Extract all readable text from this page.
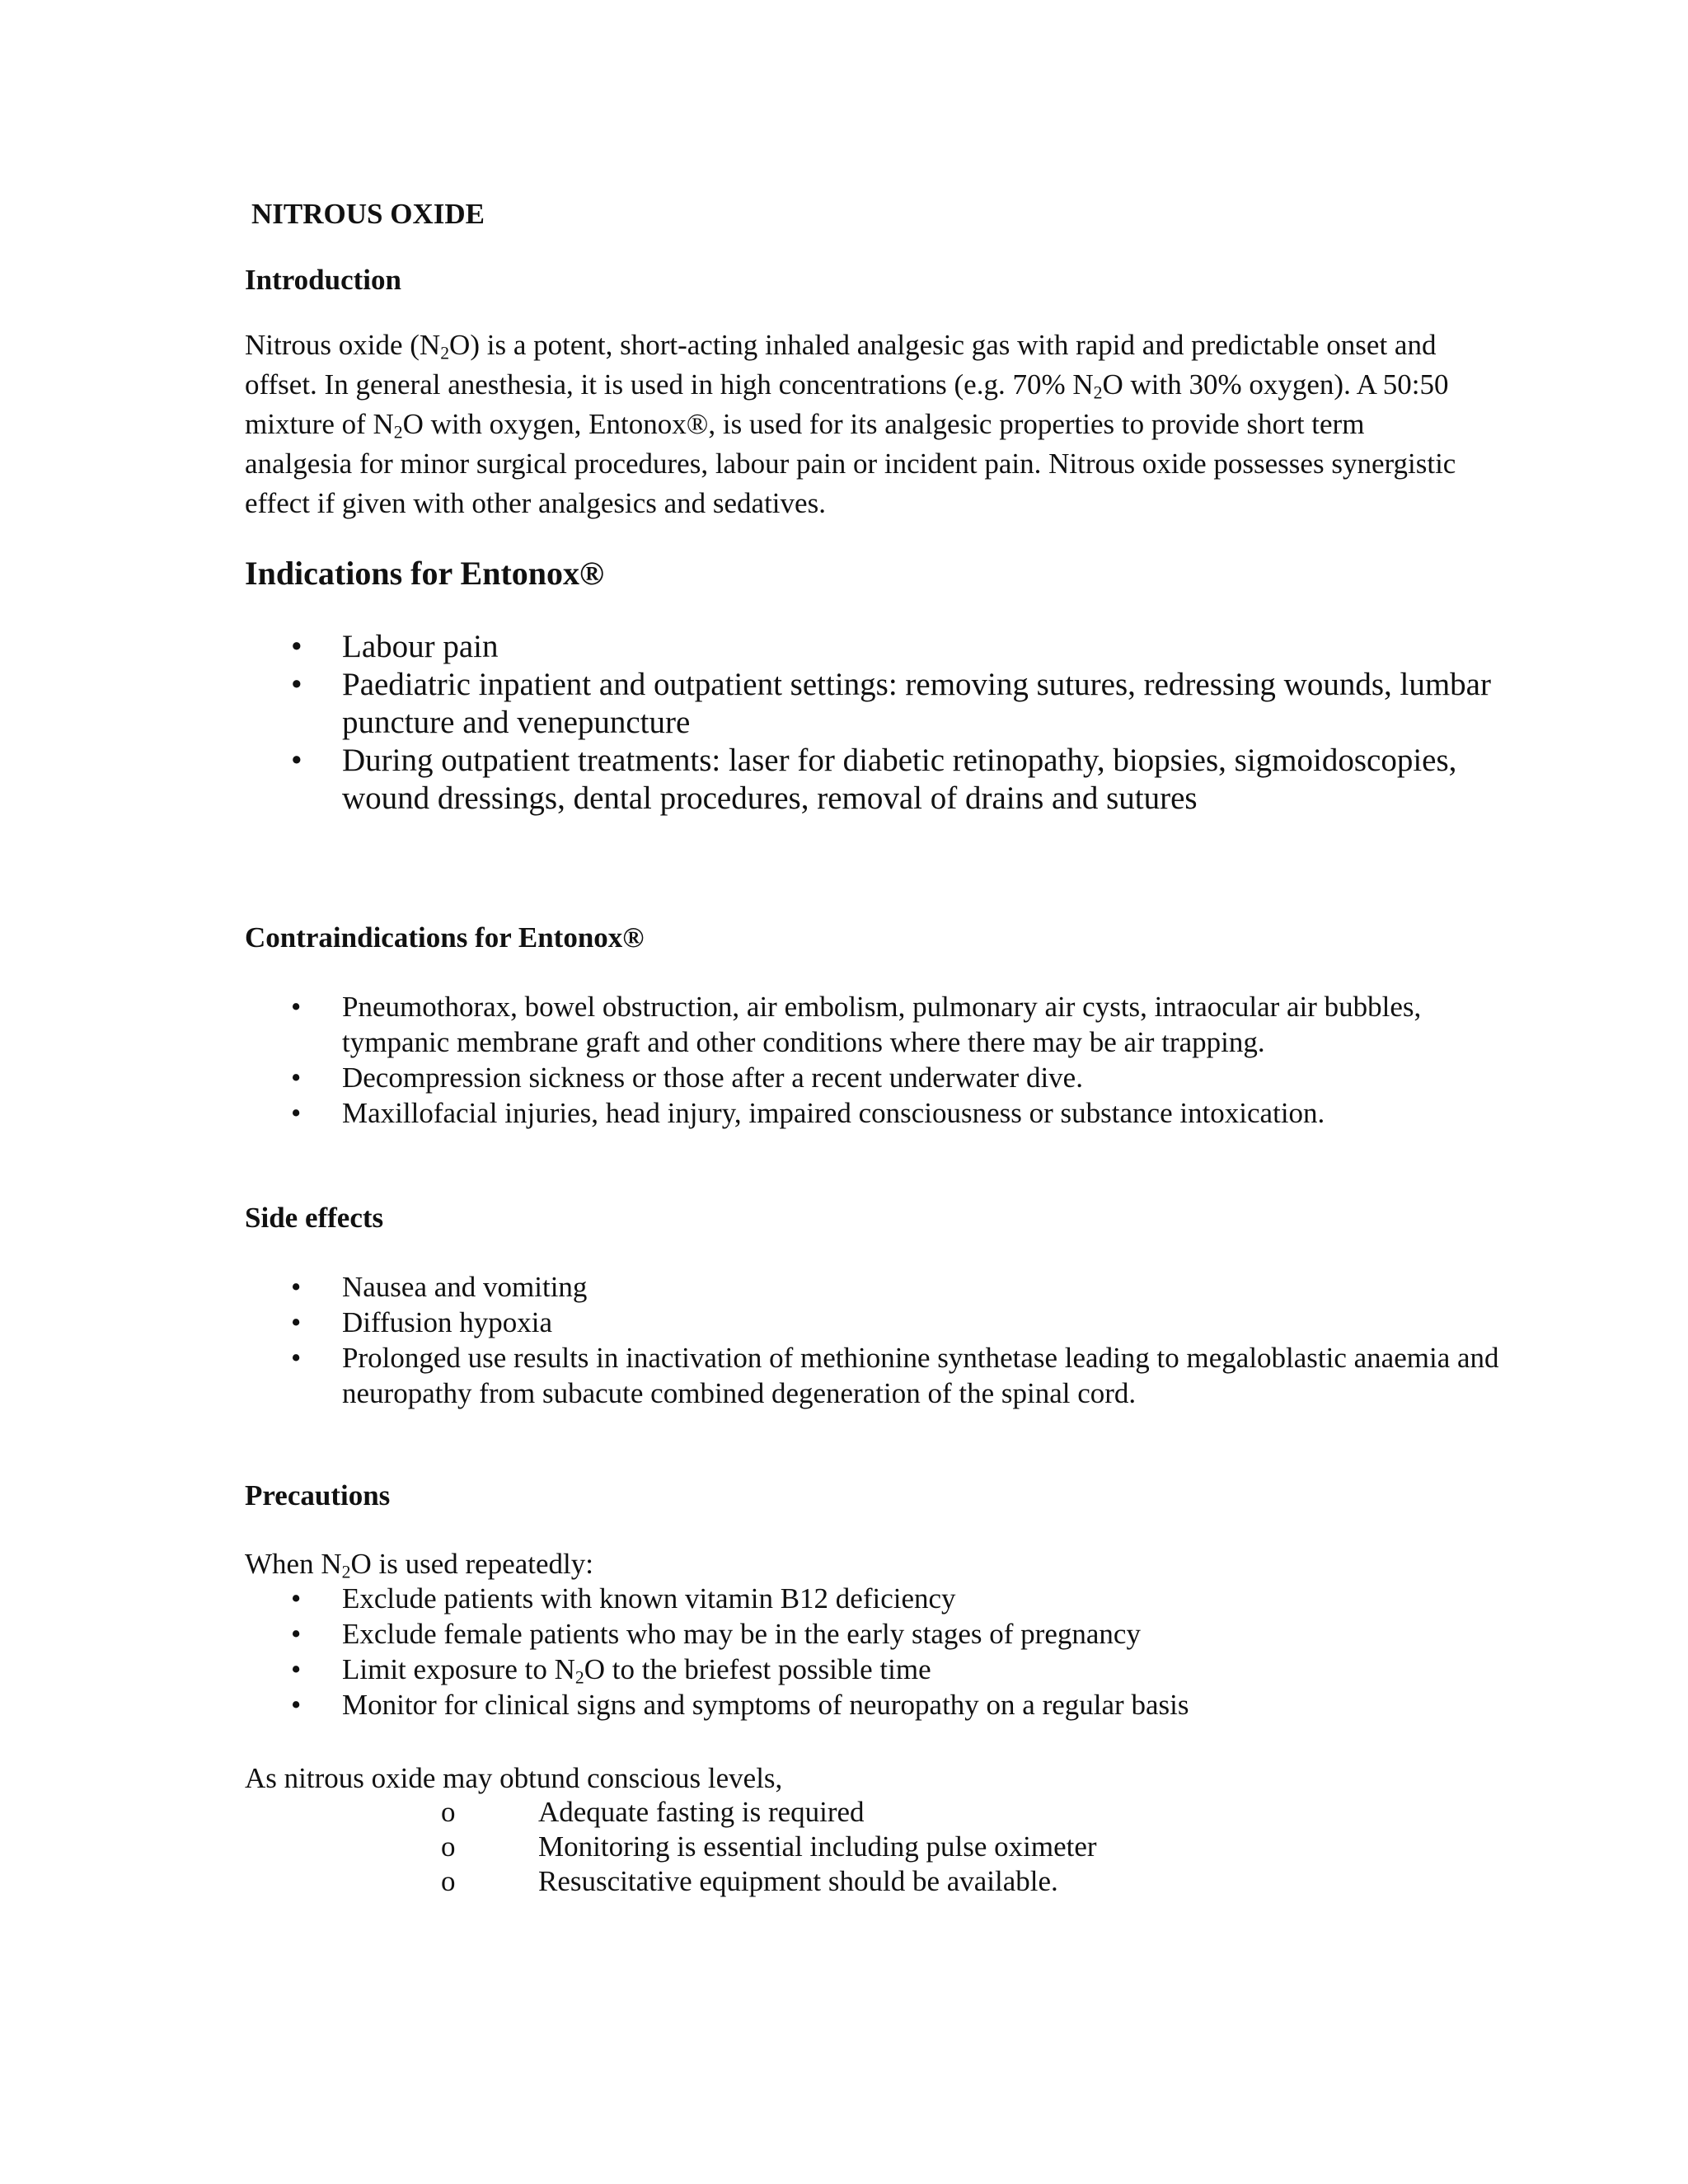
NITROUS OXIDE
Introduction

Nitrous oxide $(N_2O)$ is a potent, short-acting inhaled analgesic gas with rapid and predictable onset and offset. In general anesthesia, it is used in high concentrations (e.g. 70% $N_2O$ with 30% oxygen). A 50:50 mixture of $N_2O$ with oxygen, Entonox®, is used for its analgesic properties to provide short term analgesia for minor surgical procedures, labour pain or incident pain. Nitrous oxide possesses synergistic effect if given with other analgesics and sedatives.

Indications for Entonox®
• Labour pain
• Paediatric inpatient and outpatient settings: removing sutures, redressing wounds, lumbar puncture and venepuncture
• During outpatient treatments: laser for diabetic retinopathy, biopsies, sigmoidoscopies, wound dressings, dental procedures, removal of drains and sutures
Contraindications for Entonox®
• Pneumothorax, bowel obstruction, air embolism, pulmonary air cysts, intraocular air bubbles, tympanic membrane graft and other conditions where there may be air trapping.
• Decompression sickness or those after a recent underwater dive.
• Maxillofacial injuries, head injury, impaired consciousness or substance intoxication.
Side effects
• Nausea and vomiting
• Diffusion hypoxia
• Prolonged use results in inactivation of methionine synthetase leading to megaloblastic anaemia and neuropathy from subacute combined degeneration of the spinal cord.
Precautions

When $N_2O$ is used repeatedly:

• Exclude patients with known vitamin B12 deficiency
• Exclude female patients who may be in the early stages of pregnancy
• Limit exposure to $N_2O$ to the briefest possible time
• Monitor for clinical signs and symptoms of neuropathy on a regular basis

As nitrous oxide may obtund conscious levels,

o Adequate fasting is required
o Monitoring is essential including pulse oximeter
o Resuscitative equipment should be available.
